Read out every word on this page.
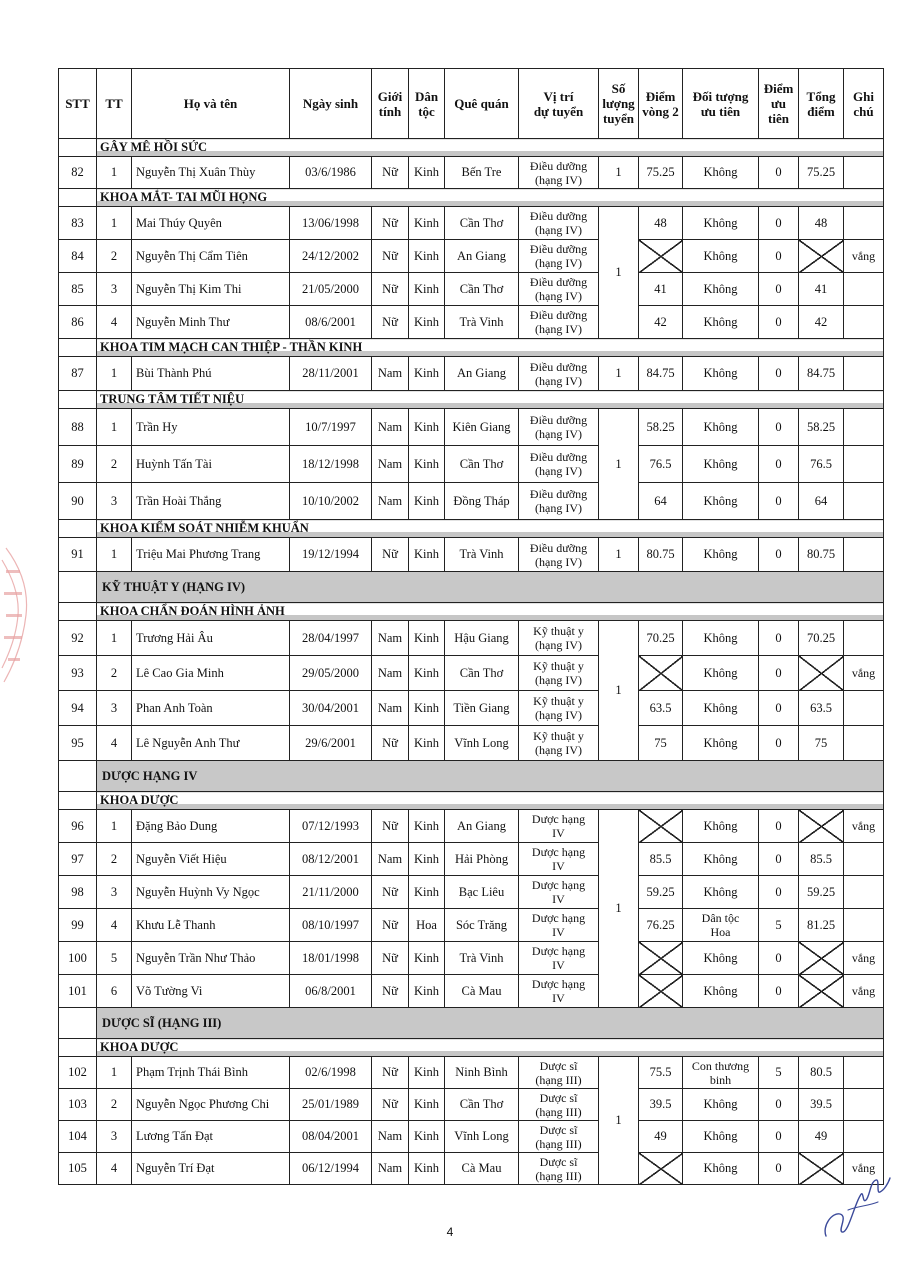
STT	TT	Họ và tên	Ngày sinh	Giới
tính	Dân
tộc	Quê quán	Vị trí
dự tuyển	Số
lượng
tuyển	Điểm
vòng 2	Đối tượng
ưu tiên	Điểm
ưu
tiên	Tổng
điểm	Ghi
chú
	GÂY MÊ HỒI SỨC												
82	1	Nguyễn Thị Xuân Thùy	03/6/1986	Nữ	Kinh	Bến Tre	Điều dưỡng
(hạng IV)	1	75.25	Không	0	75.25	
	KHOA MẮT- TAI MŨI HỌNG												
83	1	Mai Thúy Quyên	13/06/1998	Nữ	Kinh	Cần Thơ	Điều dưỡng
(hạng IV)	1	48	Không	0	48	
84	2	Nguyễn Thị Cẩm Tiên	24/12/2002	Nữ	Kinh	An Giang	Điều dưỡng
(hạng IV)			Không	0		vắng
85	3	Nguyễn Thị Kim Thi	21/05/2000	Nữ	Kinh	Cần Thơ	Điều dưỡng
(hạng IV)		41	Không	0	41	
86	4	Nguyễn Minh Thư	08/6/2001	Nữ	Kinh	Trà Vinh	Điều dưỡng
(hạng IV)		42	Không	0	42	
	KHOA TIM MẠCH CAN THIỆP - THẦN KINH												
87	1	Bùi Thành Phú	28/11/2001	Nam	Kinh	An Giang	Điều dưỡng
(hạng IV)	1	84.75	Không	0	84.75	
	TRUNG TÂM TIẾT NIỆU												
88	1	Trần Hy	10/7/1997	Nam	Kinh	Kiên Giang	Điều dưỡng
(hạng IV)	1	58.25	Không	0	58.25	
89	2	Huỳnh Tấn Tài	18/12/1998	Nam	Kinh	Cần Thơ	Điều dưỡng
(hạng IV)		76.5	Không	0	76.5	
90	3	Trần Hoài Thắng	10/10/2002	Nam	Kinh	Đồng Tháp	Điều dưỡng
(hạng IV)		64	Không	0	64	
	KHOA KIỂM SOÁT NHIỄM KHUẨN												
91	1	Triệu Mai Phương Trang	19/12/1994	Nữ	Kinh	Trà Vinh	Điều dưỡng
(hạng IV)	1	80.75	Không	0	80.75	
	KỸ THUẬT Y (HẠNG IV)												
	KHOA CHẨN ĐOÁN HÌNH ẢNH												
92	1	Trương Hải Âu	28/04/1997	Nam	Kinh	Hậu Giang	Kỹ thuật y
(hạng IV)	1	70.25	Không	0	70.25	
93	2	Lê Cao Gia Minh	29/05/2000	Nam	Kinh	Cần Thơ	Kỹ thuật y
(hạng IV)			Không	0		vắng
94	3	Phan Anh Toàn	30/04/2001	Nam	Kinh	Tiền Giang	Kỹ thuật y
(hạng IV)		63.5	Không	0	63.5	
95	4	Lê Nguyễn Anh Thư	29/6/2001	Nữ	Kinh	Vĩnh Long	Kỹ thuật y
(hạng IV)		75	Không	0	75	
	DƯỢC HẠNG IV												
	KHOA DƯỢC												
96	1	Đặng Bảo Dung	07/12/1993	Nữ	Kinh	An Giang	Dược hạng
IV	1		Không	0		vắng
97	2	Nguyễn Viết Hiệu	08/12/2001	Nam	Kinh	Hải Phòng	Dược hạng
IV		85.5	Không	0	85.5	
98	3	Nguyễn Huỳnh Vy Ngọc	21/11/2000	Nữ	Kinh	Bạc Liêu	Dược hạng
IV		59.25	Không	0	59.25	
99	4	Khưu Lễ Thanh	08/10/1997	Nữ	Hoa	Sóc Trăng	Dược hạng
IV		76.25	Dân tộc
Hoa	5	81.25	
100	5	Nguyễn Trần Như Thảo	18/01/1998	Nữ	Kinh	Trà Vinh	Dược hạng
IV			Không	0		vắng
101	6	Võ Tường Vi	06/8/2001	Nữ	Kinh	Cà Mau	Dược hạng
IV			Không	0		vắng
	DƯỢC SĨ (HẠNG III)												
	KHOA DƯỢC												
102	1	Phạm Trịnh Thái Bình	02/6/1998	Nữ	Kinh	Ninh Bình	Dược sĩ
(hạng III)	1	75.5	Con thương
binh	5	80.5	
103	2	Nguyễn Ngọc Phương Chi	25/01/1989	Nữ	Kinh	Cần Thơ	Dược sĩ
(hạng III)		39.5	Không	0	39.5	
104	3	Lương Tấn Đạt	08/04/2001	Nam	Kinh	Vĩnh Long	Dược sĩ
(hạng III)		49	Không	0	49	
105	4	Nguyễn Trí Đạt	06/12/1994	Nam	Kinh	Cà Mau	Dược sĩ
(hạng III)			Không	0		vắng
4
